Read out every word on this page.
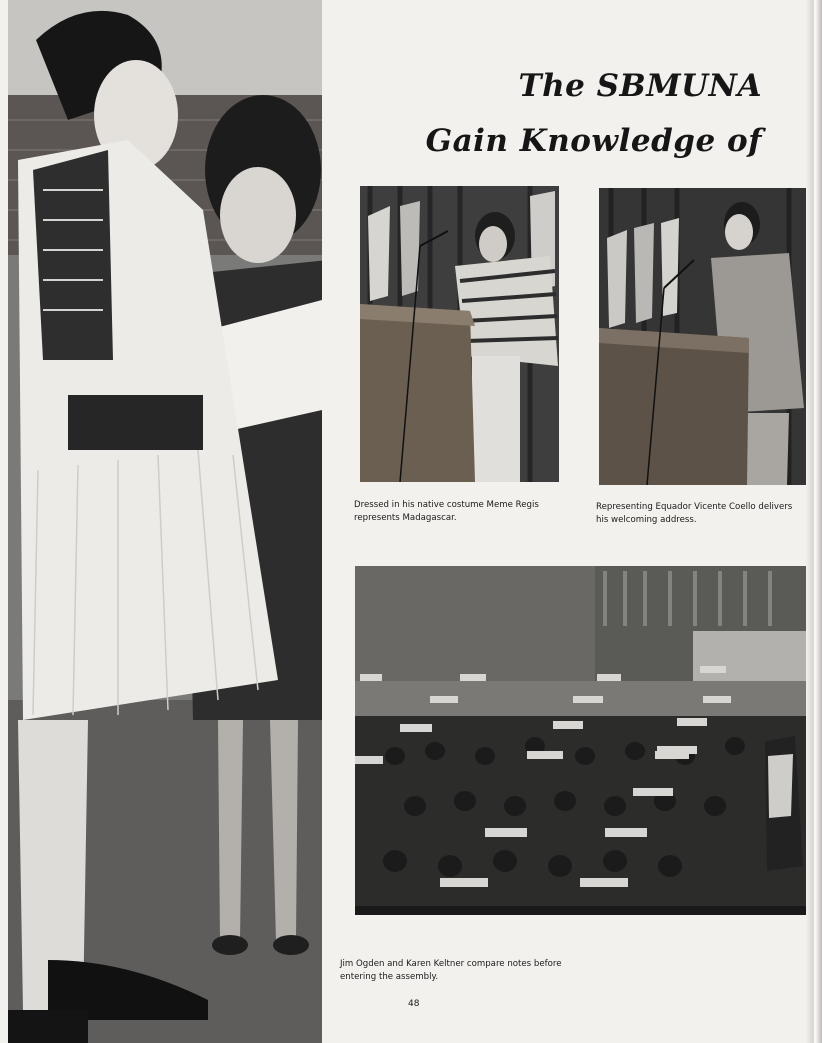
The SBMUNA
Gain Knowledge of
Dressed in his native costume Meme Regis represents Madagascar.
Representing Equador Vicente Coello delivers his welcoming address.
Jim Ogden and Karen Keltner compare notes before entering the assembly.
48
